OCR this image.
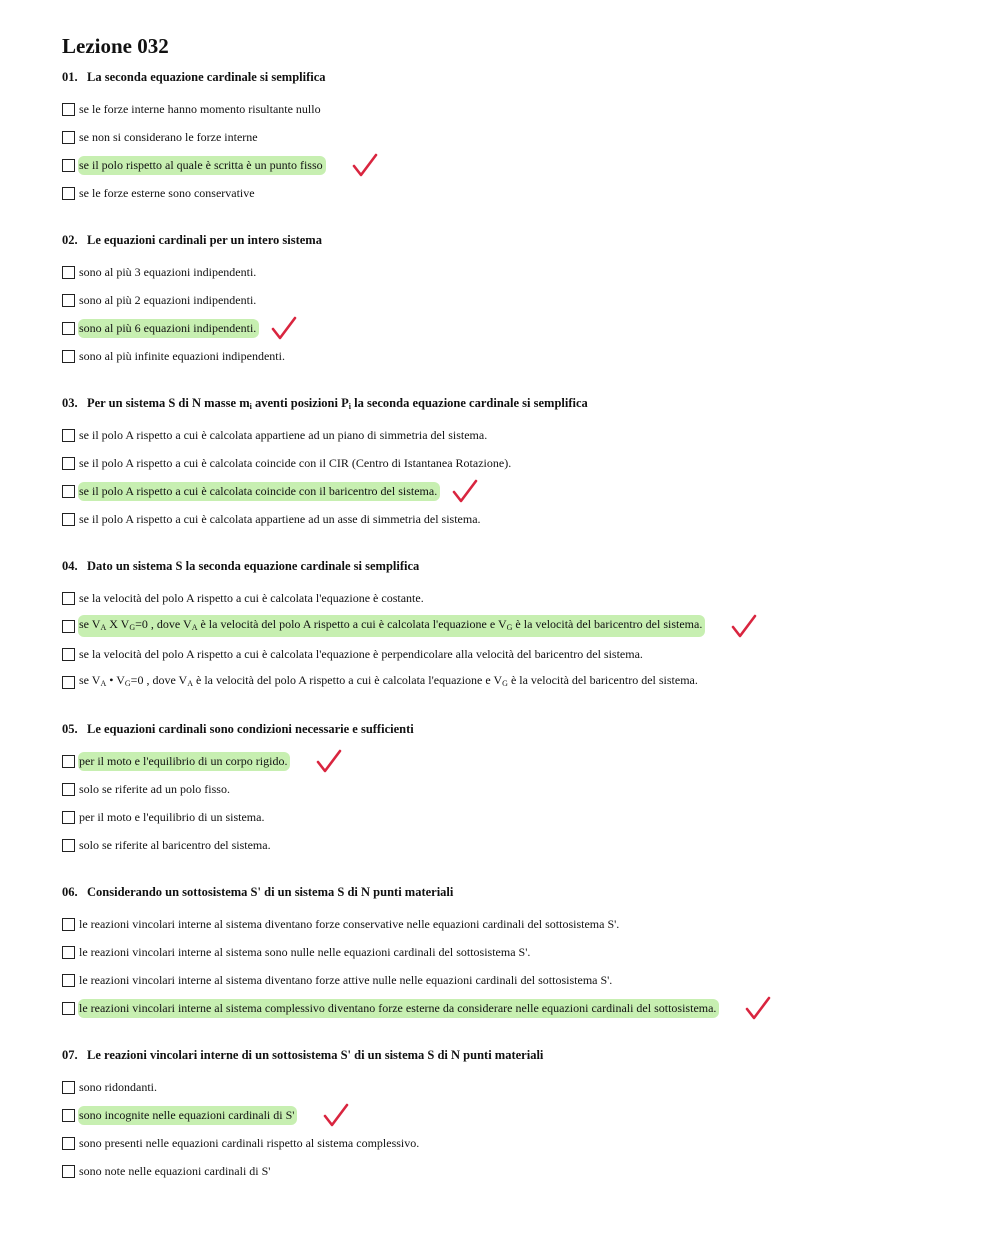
Lezione 032
01. La seconda equazione cardinale si semplifica
se le forze interne hanno momento risultante nullo
se non si considerano le forze interne
se il polo rispetto al quale è scritta è un punto fisso
se le forze esterne sono conservative
02. Le equazioni cardinali per un intero sistema
sono al più 3 equazioni indipendenti.
sono al più 2 equazioni indipendenti.
sono al più 6 equazioni indipendenti.
sono al più infinite equazioni indipendenti.
03. Per un sistema S di N masse $m_i$ aventi posizioni $P_i$ la seconda equazione cardinale si semplifica
se il polo A rispetto a cui è calcolata appartiene ad un piano di simmetria del sistema.
se il polo A rispetto a cui è calcolata coincide con il CIR (Centro di Istantanea Rotazione).
se il polo A rispetto a cui è calcolata coincide con il baricentro del sistema.
se il polo A rispetto a cui è calcolata appartiene ad un asse di simmetria del sistema.
04. Dato un sistema S la seconda equazione cardinale si semplifica
se la velocità del polo A rispetto a cui è calcolata l'equazione è costante.
se $V_A$ X $V_G=0$ , dove $V_A$ è la velocità del polo A rispetto a cui è calcolata l'equazione e $V_G$ è la velocità del baricentro del sistema.
se la velocità del polo A rispetto a cui è calcolata l'equazione è perpendicolare alla velocità del baricentro del sistema.
se $V_A$ • $V_G=0$ , dove $V_A$ è la velocità del polo A rispetto a cui è calcolata l'equazione e $V_G$ è la velocità del baricentro del sistema.
05. Le equazioni cardinali sono condizioni necessarie e sufficienti
per il moto e l'equilibrio di un corpo rigido.
solo se riferite ad un polo fisso.
per il moto e l'equilibrio di un sistema.
solo se riferite al baricentro del sistema.
06. Considerando un sottosistema S' di un sistema S di N punti materiali
le reazioni vincolari interne al sistema diventano forze conservative nelle equazioni cardinali del sottosistema S'.
le reazioni vincolari interne al sistema sono nulle nelle equazioni cardinali del sottosistema S'.
le reazioni vincolari interne al sistema diventano forze attive nulle nelle equazioni cardinali del sottosistema S'.
le reazioni vincolari interne al sistema complessivo diventano forze esterne da considerare nelle equazioni cardinali del sottosistema.
07. Le reazioni vincolari interne di un sottosistema S' di un sistema S di N punti materiali
sono ridondanti.
sono incognite nelle equazioni cardinali di S'
sono presenti nelle equazioni cardinali rispetto al sistema complessivo.
sono note nelle equazioni cardinali di S'
